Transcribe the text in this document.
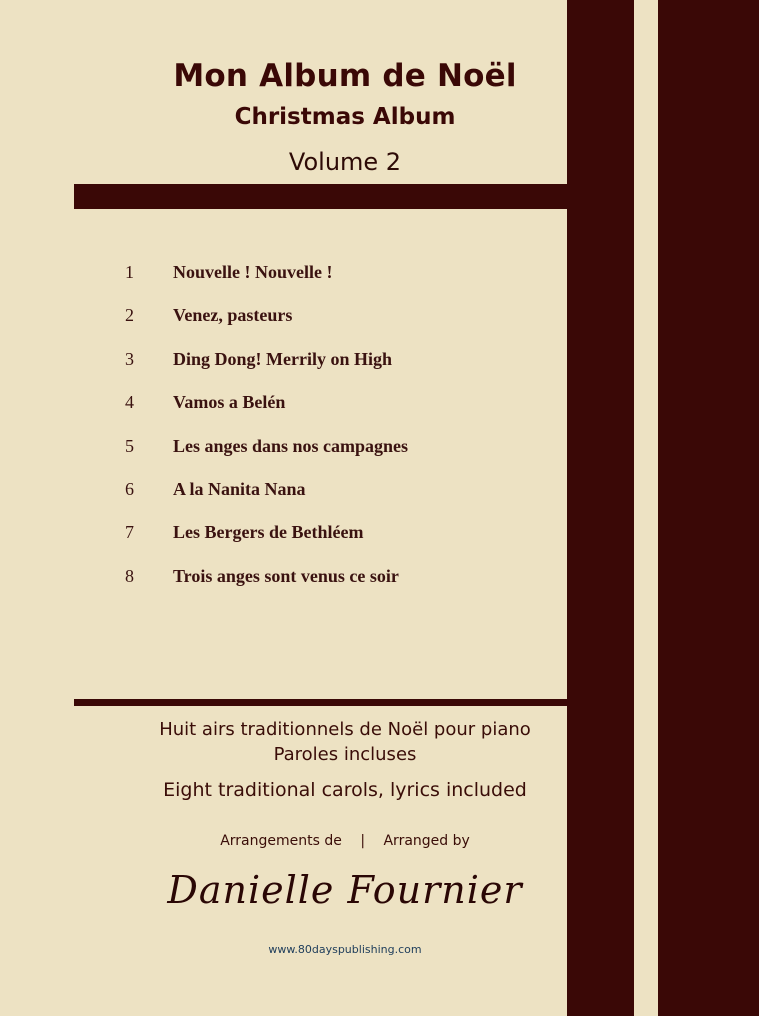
Mon Album de Noël
Christmas Album
Volume 2
1	Nouvelle ! Nouvelle !
2	Venez, pasteurs
3	Ding Dong! Merrily on High
4	Vamos a Belén
5	Les anges dans nos campagnes
6	A la Nanita Nana
7	Les Bergers de Bethléem
8	Trois anges sont venus ce soir
Huit airs traditionnels de Noël pour piano
Paroles incluses
Eight traditional carols, lyrics included
Arrangements de | Arranged by
Danielle Fournier
www.80dayspublishing.com
